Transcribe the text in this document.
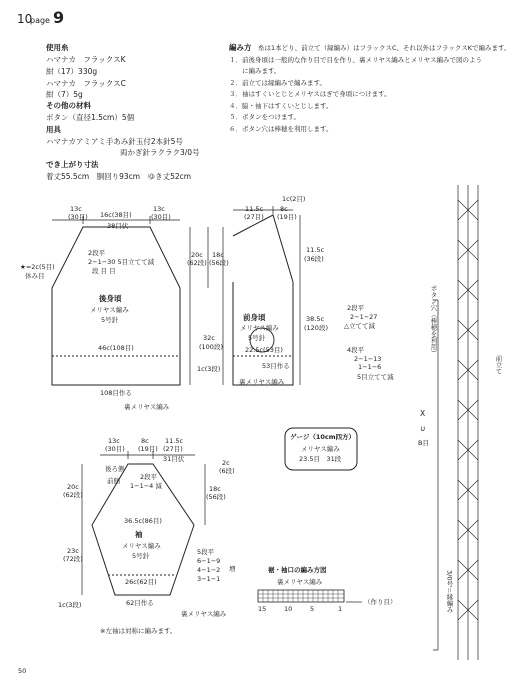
10
page 9
使用糸
ハマナカ　フラックスK
紺（17）330g
ハマナカ　フラックスC
紺（7）5g
その他の材料
ボタン（直径1.5cm）5個
用具
ハマナカアミアミ手あみ針玉付2本針5号
両かぎ針ラクラク3/0号
でき上がり寸法
着丈55.5cm　胴回り93cm　ゆき丈52cm
編み方 糸は1本どり、前立て（縁編み）はフラックスC、それ以外はフラックスKで編みます。
１．前後身頃は一般的な作り目で目を作り、裏メリヤス編みとメリヤス編みで図のよう
　　に編みます。
２．前立ては縁編みで編みます。
３．袖はすくいとじとメリヤスはぎで身頃につけます。
４．脇・袖下はすくいとじします。
５．ボタンをつけます。
６．ボタン穴は棒穂を利用します。
13c
(30目) 16c(38目)
13c
(30目)
38目伏
2段平
2−1−30 5目立てて減
段 目 目
★=2c(5目)
休み目
20c
(62段)
18c
(56段)
後身頃
メリヤス編み
5号針
46c(108目)
108目作る
裏メリヤス編み
32c
(100段)
1c(3段)
11.5c
(27目)
8c
(19目)
1c(2目)
11.5c
(36段)
38.5c
(120段)
前身頃
メリヤス編み
5号針
22.5c(53目)
53目作る
裏メリヤス編み
2段平
2−1−27
△立てて減
4段平
2−1−13
1−1−6
5目立てて減
ボタン穴（棒穂を利用）
前立て
13c
(30目)
8c
(19目)
11.5c
(27目)
31目伏
後ろ側
前側	2段平
1−1−4 減
2c
(6段)
18c
(56段)
20c
(62段)
23c
(72段)
36.5c(86目)
袖
メリヤス編み
5号針	5段平
6−1−9
4−1−2
3−1−1
増
26c(62目)
62目作る
裏メリヤス編み
1c(3段)
※左袖は対称に編みます。
ゲージ（10cm四方）
メリヤス編み
23.5目　31段
裾・袖口の編み方図
裏メリヤス編み
（作り目）
15	10	5	1
X
∪
B目
3/0号＝縁編み
50
